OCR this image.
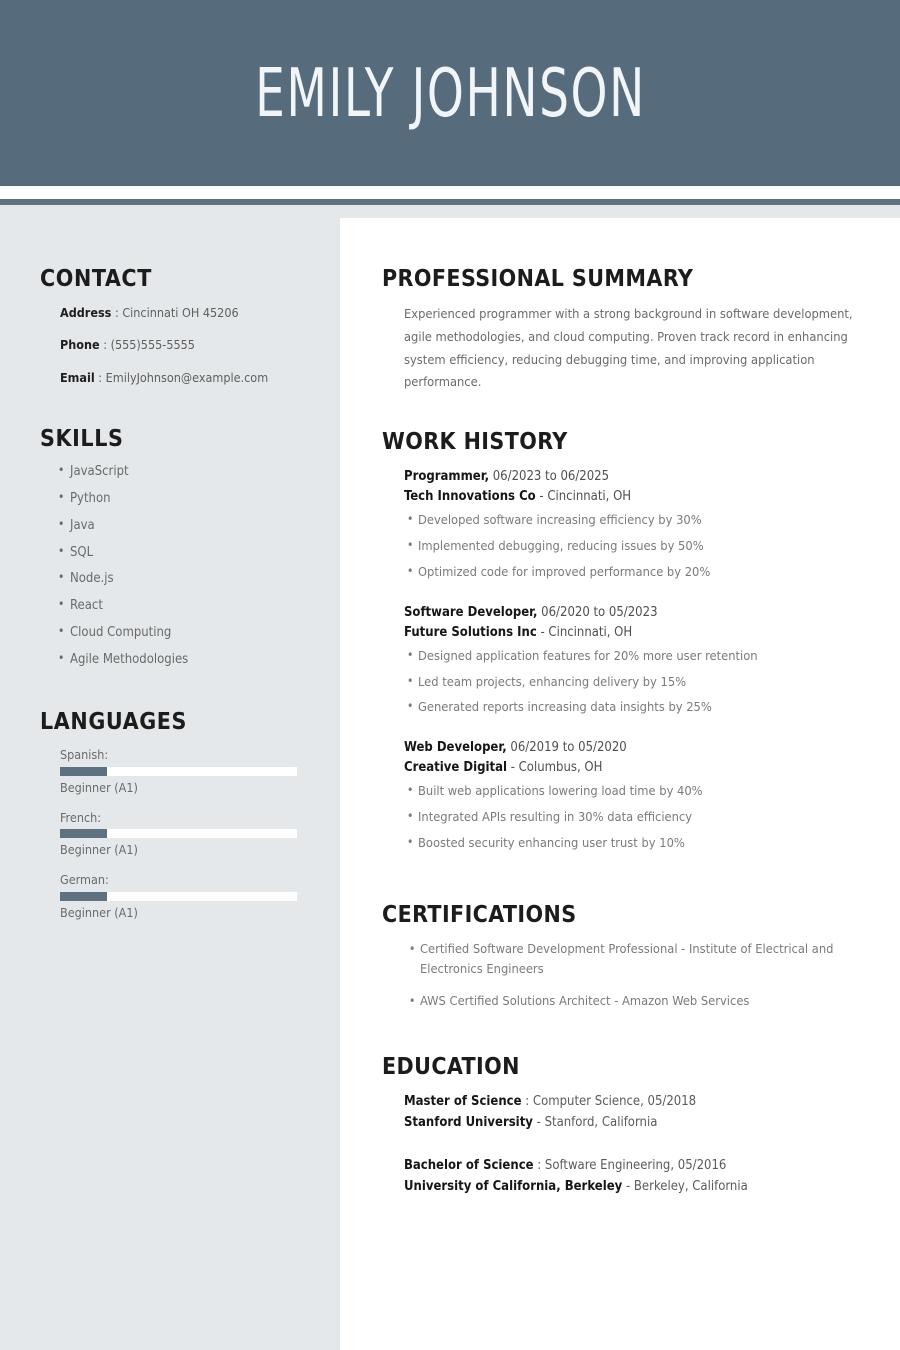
EMILY JOHNSON
CONTACT
Address : Cincinnati OH 45206
Phone : (555)555-5555
Email : EmilyJohnson@example.com
SKILLS
• JavaScript
• Python
• Java
• SQL
• Node.js
• React
• Cloud Computing
• Agile Methodologies
LANGUAGES
Spanish:
Beginner (A1)
French:
Beginner (A1)
German:
Beginner (A1)
PROFESSIONAL SUMMARY

Experienced programmer with a strong background in software development, agile methodologies, and cloud computing. Proven track record in enhancing system efficiency, reducing debugging time, and improving application performance.

WORK HISTORY
Programmer, 06/2023 to 06/2025
Tech Innovations Co - Cincinnati, OH
• Developed software increasing efficiency by 30%
• Implemented debugging, reducing issues by 50%
• Optimized code for improved performance by 20%
Software Developer, 06/2020 to 05/2023
Future Solutions Inc - Cincinnati, OH
• Designed application features for 20% more user retention
• Led team projects, enhancing delivery by 15%
• Generated reports increasing data insights by 25%
Web Developer, 06/2019 to 05/2020
Creative Digital - Columbus, OH
• Built web applications lowering load time by 40%
• Integrated APIs resulting in 30% data efficiency
• Boosted security enhancing user trust by 10%
CERTIFICATIONS
• Certified Software Development Professional - Institute of Electrical and Electronics Engineers
• AWS Certified Solutions Architect - Amazon Web Services
EDUCATION
Master of Science : Computer Science, 05/2018
Stanford University - Stanford, California
Bachelor of Science : Software Engineering, 05/2016
University of California, Berkeley - Berkeley, California
